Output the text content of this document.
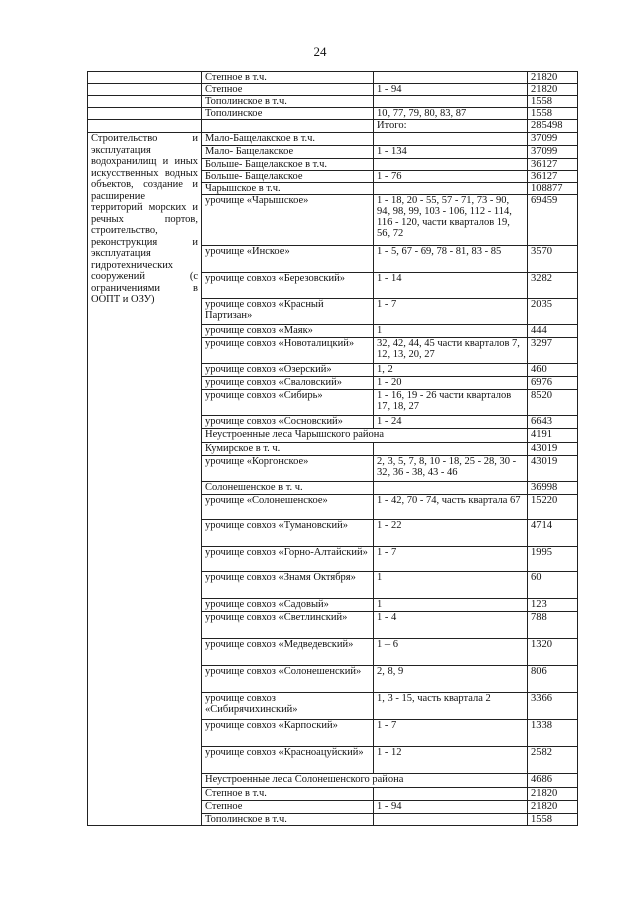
24
	Степное в т.ч.		21820
	Степное	1 - 94	21820
	Тополинское в т.ч.		1558
	Тополинское	10, 77, 79, 80, 83, 87	1558
		Итого:	285498
Строительство и эксплуатация водохранилищ и иных искусственных водных объектов, создание и расширение территорий морских и речных портов, строительство, реконструкция и эксплуатация гидротехнических сооружений (с ограничениями в ООПТ и ОЗУ)	Мало-Бащелакское в т.ч.		37099
	Мало- Бащелакское	1 - 134	37099
	Больше- Бащелакское в т.ч.		36127
	Больше- Бащелакское	1 - 76	36127
	Чарышское в т.ч.		108877
	урочище «Чарышское»	1 - 18, 20 - 55, 57 - 71, 73 - 90, 94, 98, 99, 103 - 106, 112 - 114, 116 - 120, части кварталов 19, 56, 72	69459
	урочище «Инское»	1 - 5, 67 - 69, 78 - 81, 83 - 85	3570
	урочище совхоз «Березовский»	1 - 14	3282
	урочище совхоз «Красный Партизан»	1 - 7	2035
	урочище совхоз «Маяк»	1	444
	урочище совхоз «Новоталицкий»	32, 42, 44, 45 части кварталов 7, 12, 13, 20, 27	3297
	урочище совхоз «Озерский»	1, 2	460
	урочище совхоз «Сваловский»	1 - 20	6976
	урочище совхоз «Сибирь»	1 - 16, 19 - 26 части кварталов 17, 18, 27	8520
	урочище совхоз «Сосновский»	1 - 24	6643
	Неустроенные леса Чарышского района		4191
	Кумирское в т. ч.		43019
	урочище «Коргонское»	2, 3, 5, 7, 8, 10 - 18, 25 - 28, 30 - 32, 36 - 38, 43 - 46	43019
	Солонешенское в т. ч.		36998
	урочище «Солонешенское»	1 - 42, 70 - 74, часть квартала 67	15220
	урочище совхоз «Тумановский»	1 - 22	4714
	урочище совхоз «Горно-Алтайский»	1 - 7	1995
	урочище совхоз «Знамя Октября»	1	60
	урочище совхоз «Садовый»	1	123
	урочище совхоз «Светлинский»	1 - 4	788
	урочище совхоз «Медведевский»	1 – 6	1320
	урочище совхоз «Солонешенский»	2, 8, 9	806
	урочище совхоз «Сибирячихинский»	1, 3 - 15, часть квартала 2	3366
	урочище совхоз «Карпоский»	1 - 7	1338
	урочище совхоз «Красноацуйский»	1 - 12	2582
	Неустроенные леса Солонешенского района		4686
	Степное в т.ч.		21820
	Степное	1 - 94	21820
	Тополинское в т.ч.		1558
